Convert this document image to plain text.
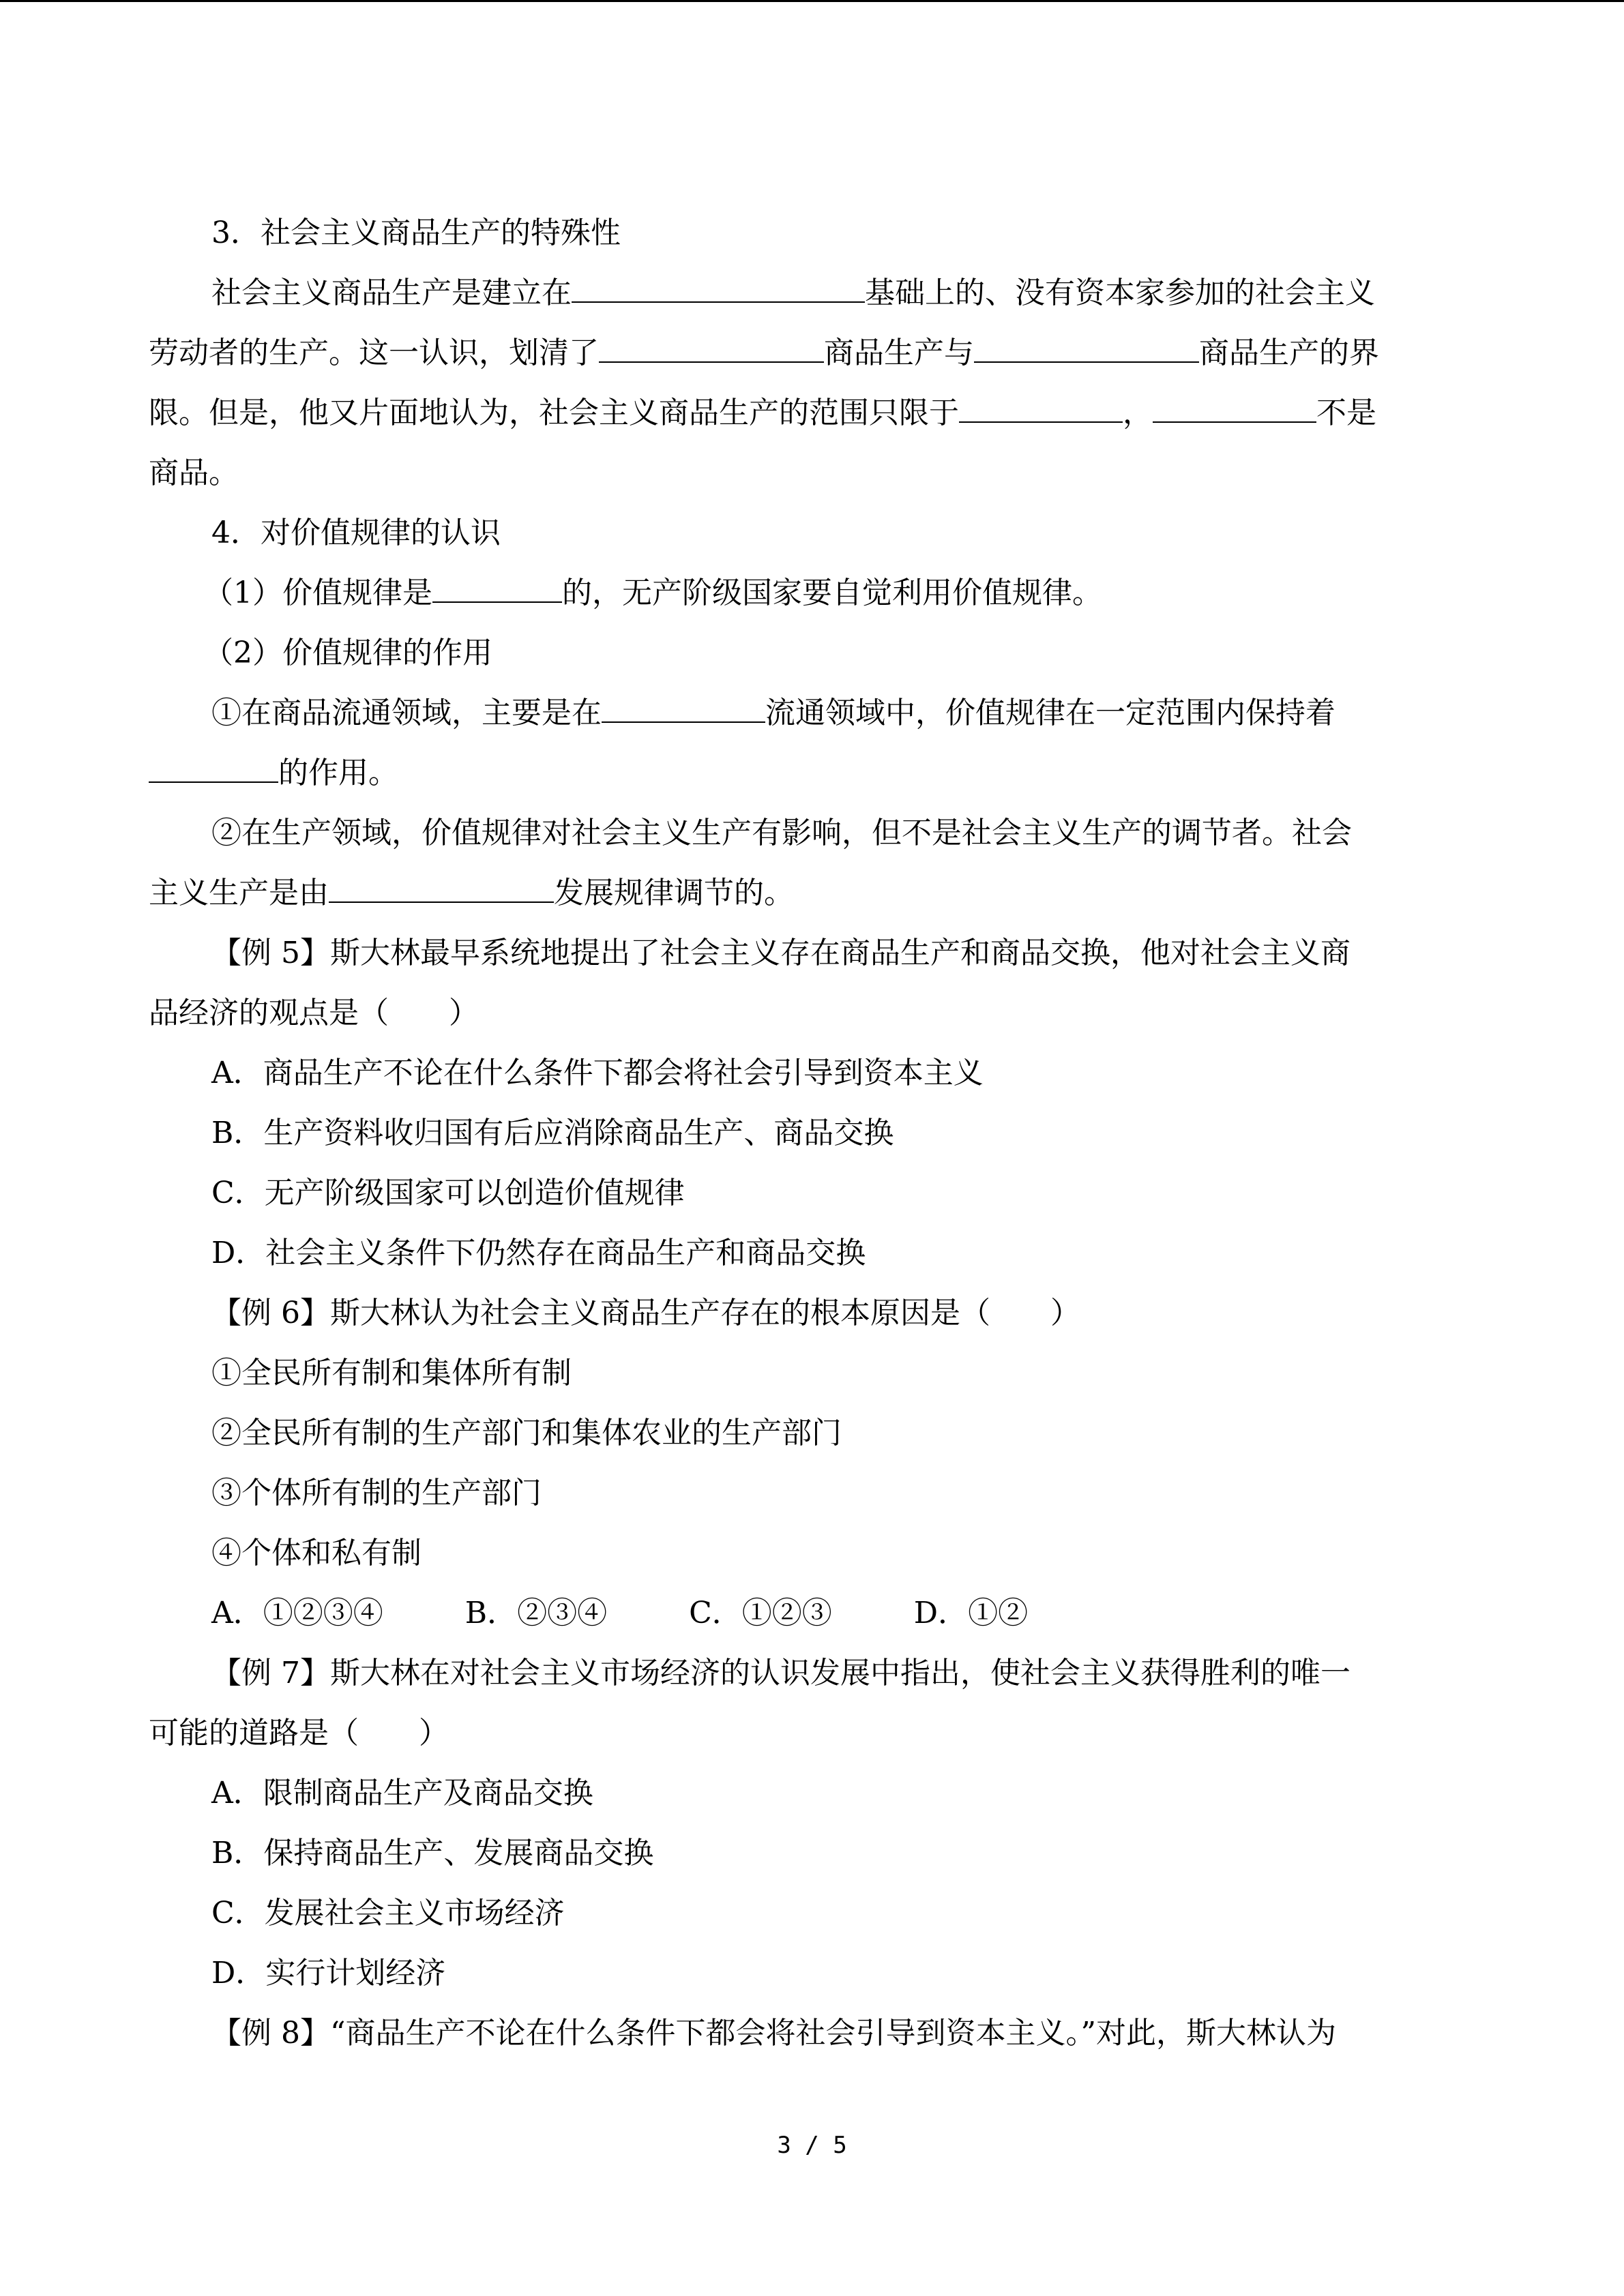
3．社会主义商品生产的特殊性
社会主义商品生产是建立在	基础上的、没有资本家参加的社会主义
劳动者的生产。这一认识，划清了	商品生产与	商品生产的界
限。但是，他又片面地认为，社会主义商品生产的范围只限于	，	不是
商品。
4．对价值规律的认识
（1）价值规律是	的，无产阶级国家要自觉利用价值规律。
（2）价值规律的作用
①在商品流通领域，主要是在	流通领域中，价值规律在一定范围内保持着
的作用。
②在生产领域，价值规律对社会主义生产有影响，但不是社会主义生产的调节者。社会
主义生产是由	发展规律调节的。
【例 5】斯大林最早系统地提出了社会主义存在商品生产和商品交换，他对社会主义商
品经济的观点是（　　）
A．商品生产不论在什么条件下都会将社会引导到资本主义
B．生产资料收归国有后应消除商品生产、商品交换
C．无产阶级国家可以创造价值规律
D．社会主义条件下仍然存在商品生产和商品交换
【例 6】斯大林认为社会主义商品生产存在的根本原因是（　　）
①全民所有制和集体所有制
②全民所有制的生产部门和集体农业的生产部门
③个体所有制的生产部门
④个体和私有制
A．①②③④	B．②③④	C．①②③	D．①②
【例 7】斯大林在对社会主义市场经济的认识发展中指出，使社会主义获得胜利的唯一
可能的道路是（　　）
A．限制商品生产及商品交换
B．保持商品生产、发展商品交换
C．发展社会主义市场经济
D．实行计划经济
【例 8】“商品生产不论在什么条件下都会将社会引导到资本主义。”对此，斯大林认为
3 / 5
